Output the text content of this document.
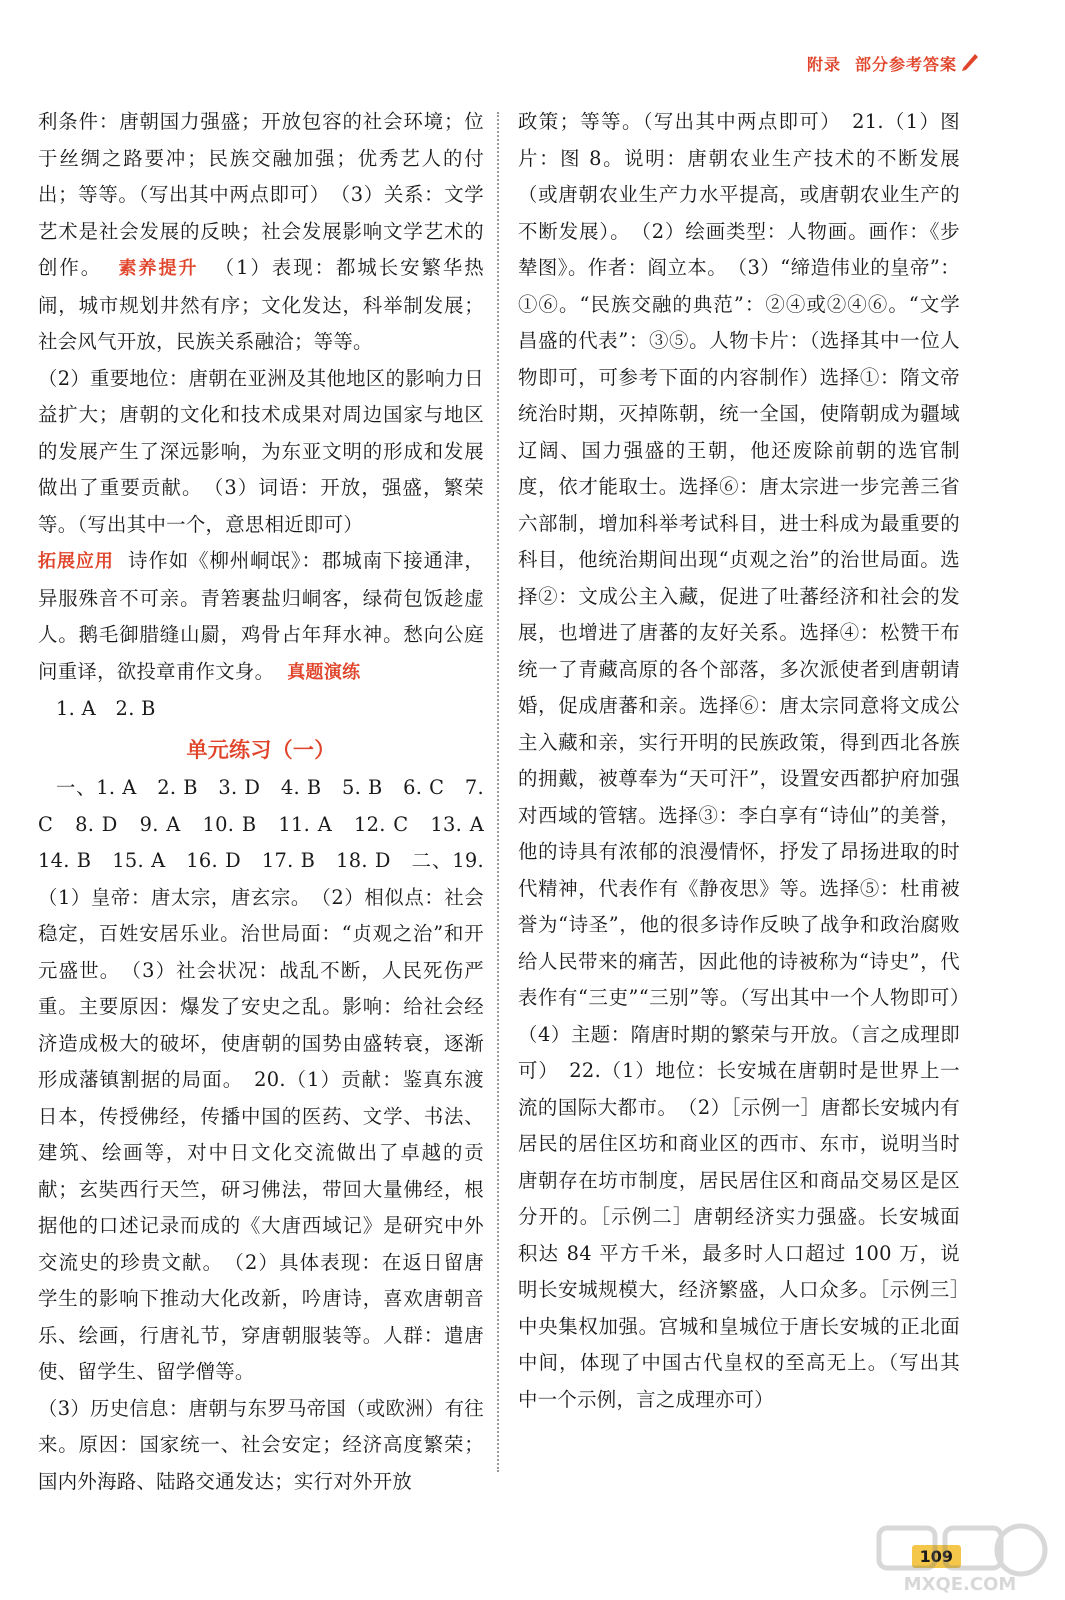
附录 部分参考答案

利条件：唐朝国力强盛；开放包容的社会环境；位于丝绸之路要冲；民族交融加强；优秀艺人的付出；等等。（写出其中两点即可）　（3）关系：文学艺术是社会发展的反映；社会发展影响文学艺术的创作。 素养提升 （1）表现：都城长安繁华热闹，城市规划井然有序；文化发达，科举制发展；社会风气开放，民族关系融洽；等等。

（2）重要地位：唐朝在亚洲及其他地区的影响力日益扩大；唐朝的文化和技术成果对周边国家与地区的发展产生了深远影响，为东亚文明的形成和发展做出了重要贡献。　（3）词语：开放，强盛，繁荣等。（写出其中一个，意思相近即可）

拓展应用 诗作如《柳州峒氓》：郡城南下接通津，异服殊音不可亲。青箬裹盐归峒客，绿荷包饭趁虚人。鹅毛御腊缝山罽，鸡骨占年拜水神。愁向公庭问重译，欲投章甫作文身。 真题演练

1. A　2. B

单元练习（一）

一、1. A　2. B　3. D　4. B　5. B　6. C　7. C　8. D　9. A　10. B　11. A　12. C　13. A　14. B　15. A　16. D　17. B　18. D　二、19.（1）皇帝：唐太宗，唐玄宗。　（2）相似点：社会稳定，百姓安居乐业。治世局面：“贞观之治”和开元盛世。　（3）社会状况：战乱不断，人民死伤严重。主要原因：爆发了安史之乱。影响：给社会经济造成极大的破坏，使唐朝的国势由盛转衰，逐渐形成藩镇割据的局面。　20.（1）贡献：鉴真东渡日本，传授佛经，传播中国的医药、文学、书法、建筑、绘画等，对中日文化交流做出了卓越的贡献；玄奘西行天竺，研习佛法，带回大量佛经，根据他的口述记录而成的《大唐西域记》是研究中外交流史的珍贵文献。　（2）具体表现：在返日留唐学生的影响下推动大化改新，吟唐诗，喜欢唐朝音乐、绘画，行唐礼节，穿唐朝服装等。人群：遣唐使、留学生、留学僧等。

（3）历史信息：唐朝与东罗马帝国（或欧洲）有往来。原因：国家统一、社会安定；经济高度繁荣；国内外海路、陆路交通发达；实行对外开放

政策；等等。（写出其中两点即可）　21.（1）图片：图 8。说明：唐朝农业生产技术的不断发展（或唐朝农业生产力水平提高，或唐朝农业生产的不断发展）。　（2）绘画类型：人物画。画作：《步辇图》。作者：阎立本。　（3）“缔造伟业的皇帝”：①⑥。“民族交融的典范”：②④或②④⑥。“文学昌盛的代表”：③⑤。人物卡片：（选择其中一位人物即可，可参考下面的内容制作）选择①：隋文帝统治时期，灭掉陈朝，统一全国，使隋朝成为疆域辽阔、国力强盛的王朝，他还废除前朝的选官制度，依才能取士。选择⑥：唐太宗进一步完善三省六部制，增加科举考试科目，进士科成为最重要的科目，他统治期间出现“贞观之治”的治世局面。选择②：文成公主入藏，促进了吐蕃经济和社会的发展，也增进了唐蕃的友好关系。选择④：松赞干布统一了青藏高原的各个部落，多次派使者到唐朝请婚，促成唐蕃和亲。选择⑥：唐太宗同意将文成公主入藏和亲，实行开明的民族政策，得到西北各族的拥戴，被尊奉为“天可汗”，设置安西都护府加强对西域的管辖。选择③：李白享有“诗仙”的美誉，他的诗具有浓郁的浪漫情怀，抒发了昂扬进取的时代精神，代表作有《静夜思》等。选择⑤：杜甫被誉为“诗圣”，他的很多诗作反映了战争和政治腐败给人民带来的痛苦，因此他的诗被称为“诗史”，代表作有“三吏”“三别”等。（写出其中一个人物即可）　（4）主题：隋唐时期的繁荣与开放。（言之成理即可）　22.（1）地位：长安城在唐朝时是世界上一流的国际大都市。　（2）［示例一］唐都长安城内有居民的居住区坊和商业区的西市、东市，说明当时唐朝存在坊市制度，居民居住区和商品交易区是区分开的。［示例二］唐朝经济实力强盛。长安城面积达 84 平方千米，最多时人口超过 100 万，说明长安城规模大，经济繁盛，人口众多。［示例三］中央集权加强。宫城和皇城位于唐长安城的正北面中间，体现了中国古代皇权的至高无上。（写出其中一个示例，言之成理亦可）

109
MXQE.COM
